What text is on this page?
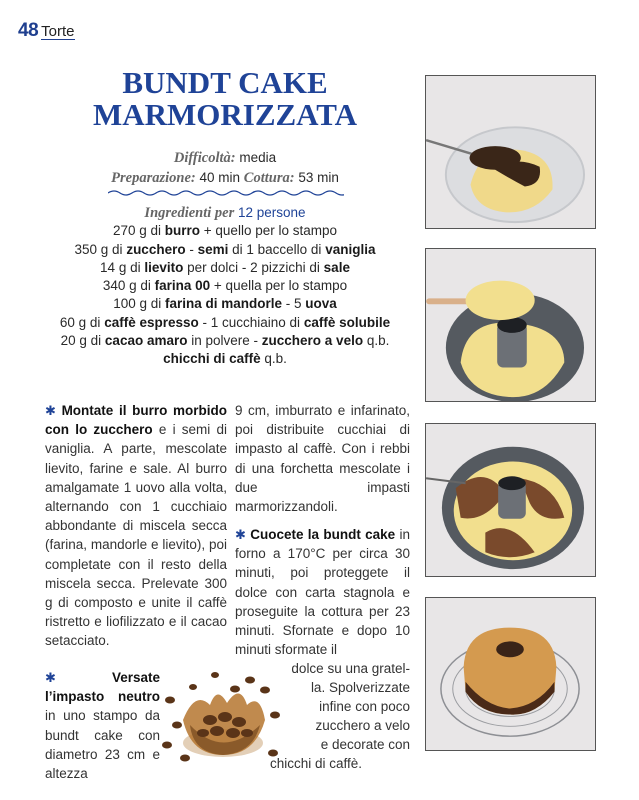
48 Torte
BUNDT CAKE
MARMORIZZATA
Difficoltà: media
Preparazione: 40 min Cottura: 53 min
Ingredienti per 12 persone
270 g di burro + quello per lo stampo
350 g di zucchero - semi di 1 baccello di vaniglia
14 g di lievito per dolci - 2 pizzichi di sale
340 g di farina 00 + quella per lo stampo
100 g di farina di mandorle - 5 uova
60 g di caffè espresso - 1 cucchiaino di caffè solubile
20 g di cacao amaro in polvere - zucchero a velo q.b.
chicchi di caffè q.b.
✱ Montate il burro morbido con lo zucchero e i semi di vaniglia. A parte, mescolate lievito, farine e sale. Al burro amalgamate 1 uovo alla volta, alternando con 1 cucchiaio abbondante di miscela secca (farina, mandorle e lievito), poi completate con il resto della miscela secca. Prelevate 300 g di composto e unite il caffè ristretto e liofilizzato e il cacao setacciato.
✱	Versate l’impasto neutro in uno stampo da bundt cake con diametro 23 cm e altezza
9 cm, imburrato e infarinato, poi distribuite cucchiai di impasto al caffè. Con i rebbi di una forchetta mescolate i due impasti marmorizzandoli.
✱ Cuocete la bundt cake in forno a 170°C per circa 30 minuti, poi proteggete il dolce con carta stagnola e proseguite la cottura per 23 minuti. Sfornate e dopo 10 minuti sformate il
dolce su una gratel-
la. Spolverizzate
infine con poco
zucchero a velo
e decorate con
chicchi di caffè.
